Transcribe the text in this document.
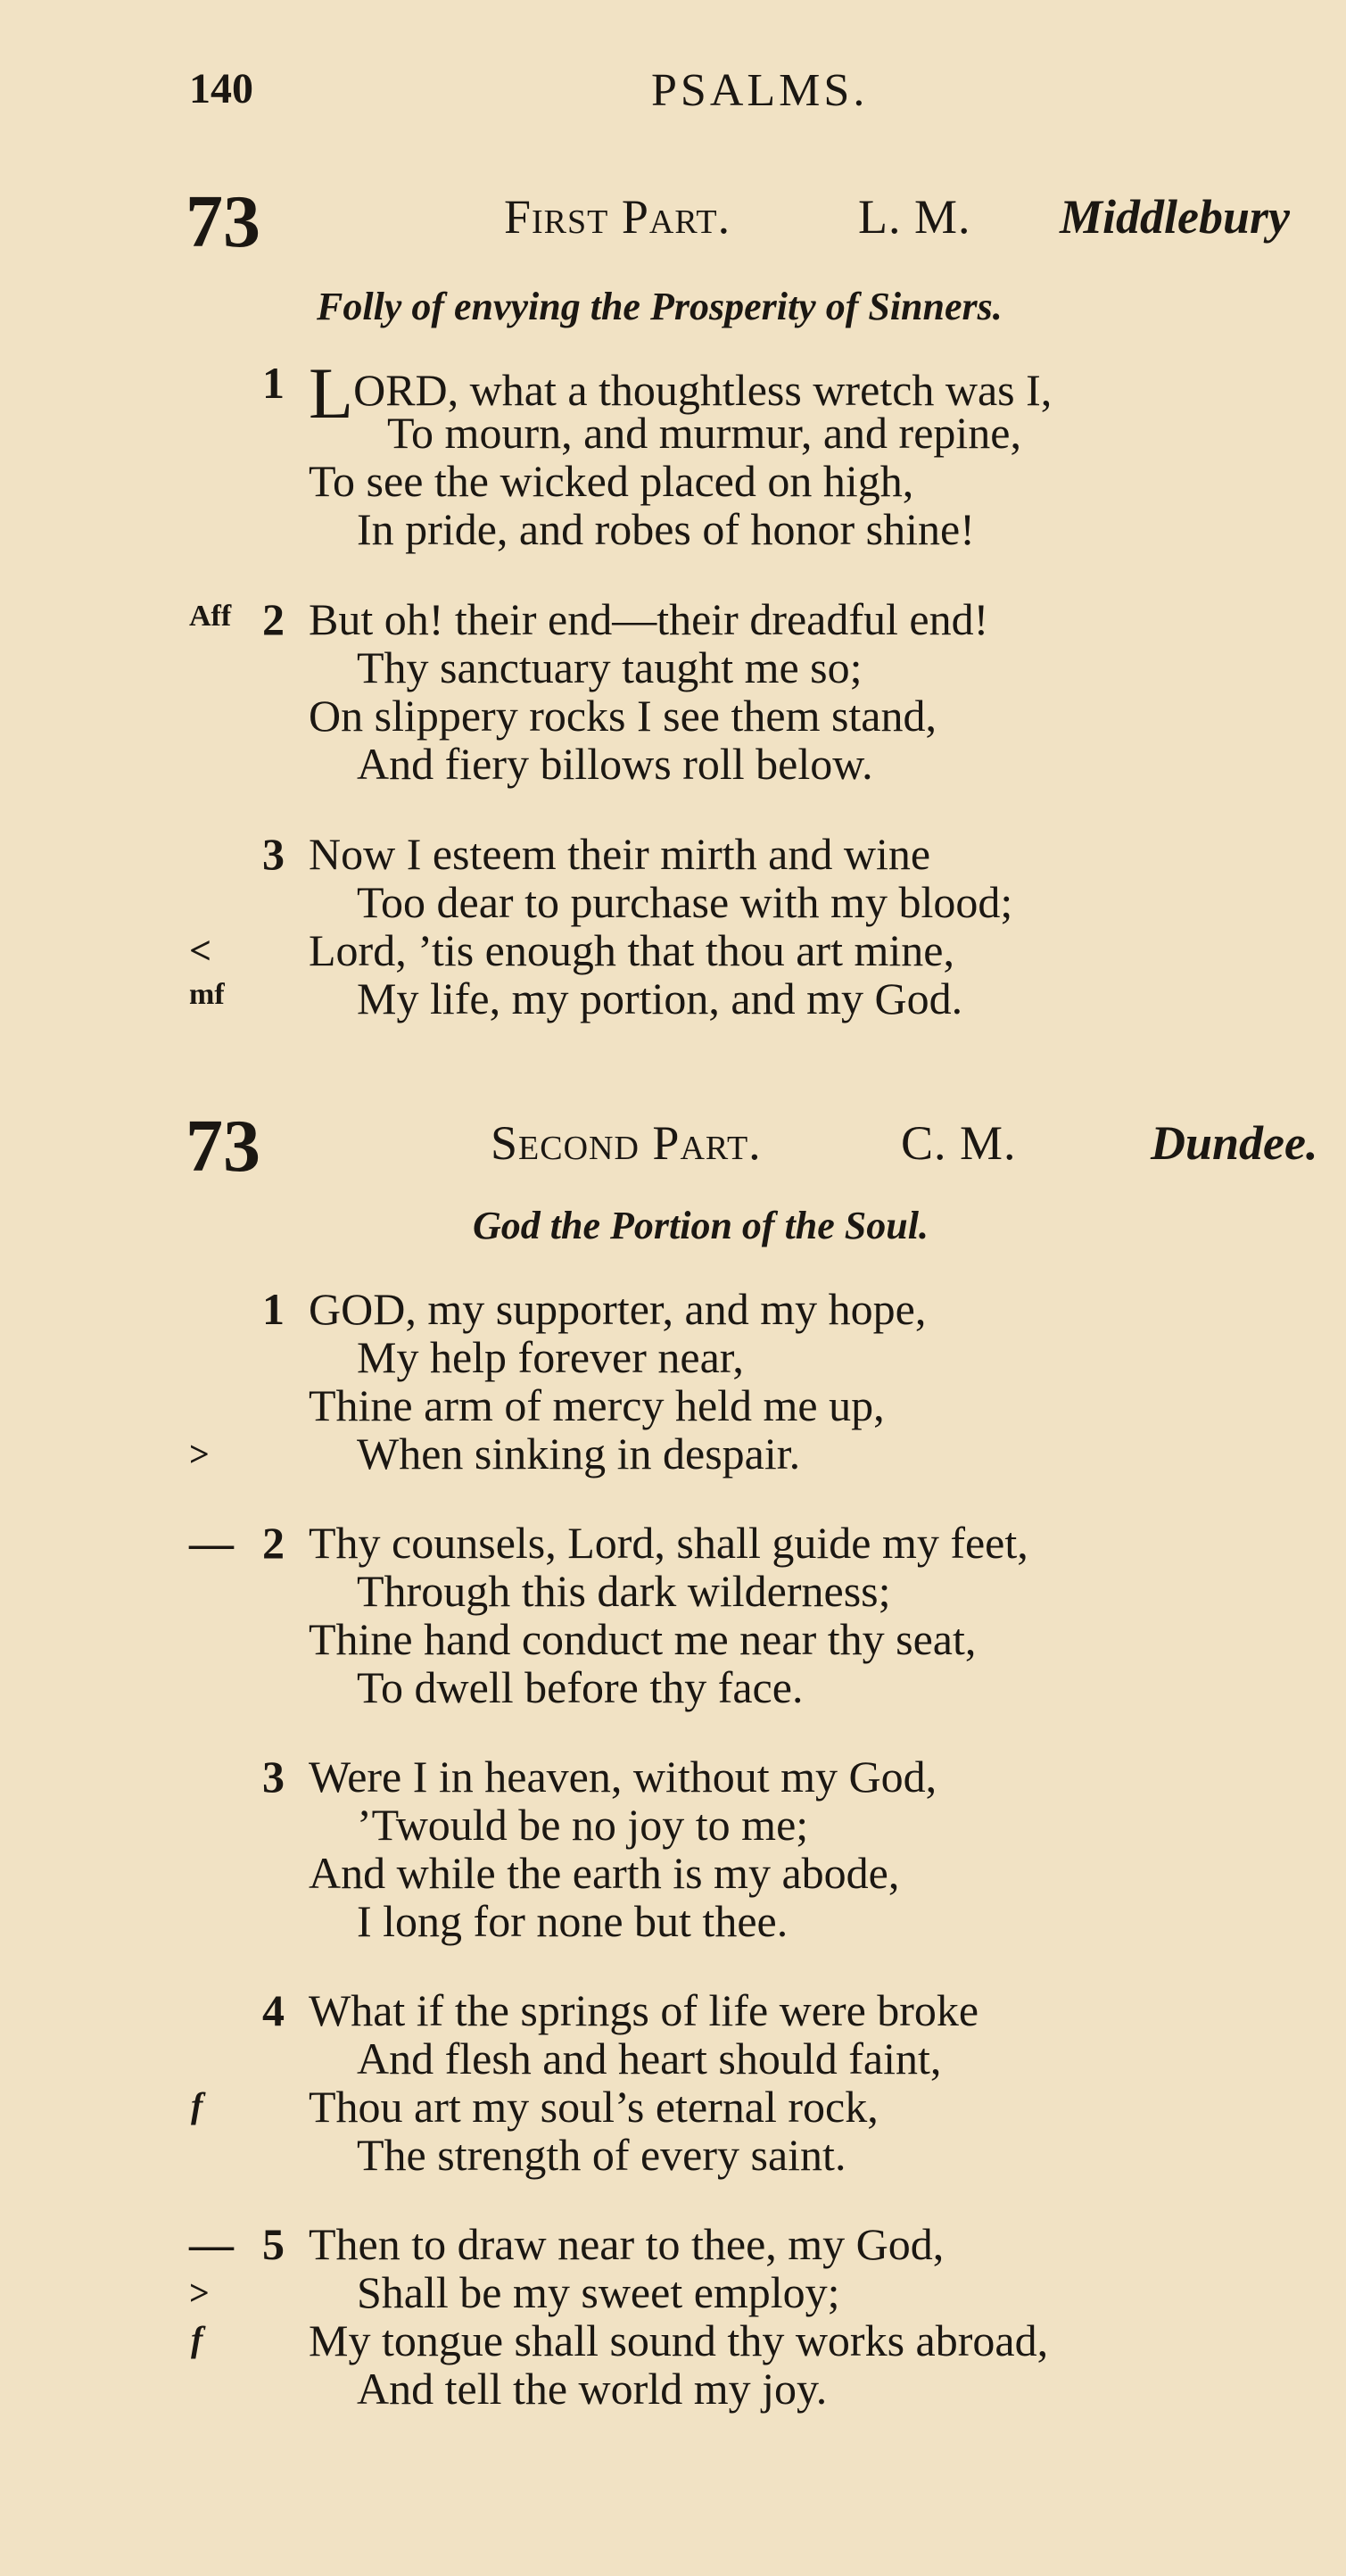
140	PSALMS.
73	First Part.	L. M. Middlebury
Folly of envying the Prosperity of Sinners.
1 LORD, what a thoughtless wretch was I,
To mourn, and murmur, and repine,
To see the wicked placed on high,
In pride, and robes of honor shine!
Aff 2 But oh! their end—their dreadful end!
Thy sanctuary taught me so;
On slippery rocks I see them stand,
And fiery billows roll below.
3 Now I esteem their mirth and wine
Too dear to purchase with my blood;
< Lord, ’tis enough that thou art mine,
mf	My life, my portion, and my God.
73	Second Part.	C. M.	Dundee.
God the Portion of the Soul.
1 GOD, my supporter, and my hope,
My help forever near,
Thine arm of mercy held me up,
>	When sinking in despair.
— 2 Thy counsels, Lord, shall guide my feet,
Through this dark wilderness;
Thine hand conduct me near thy seat,
To dwell before thy face.
3 Were I in heaven, without my God,
’Twould be no joy to me;
And while the earth is my abode,
I long for none but thee.
4 What if the springs of life were broke
And flesh and heart should faint,
f Thou art my soul’s eternal rock,
The strength of every saint.
— 5 Then to draw near to thee, my God,
>	Shall be my sweet employ;
f My tongue shall sound thy works abroad,
And tell the world my joy.
